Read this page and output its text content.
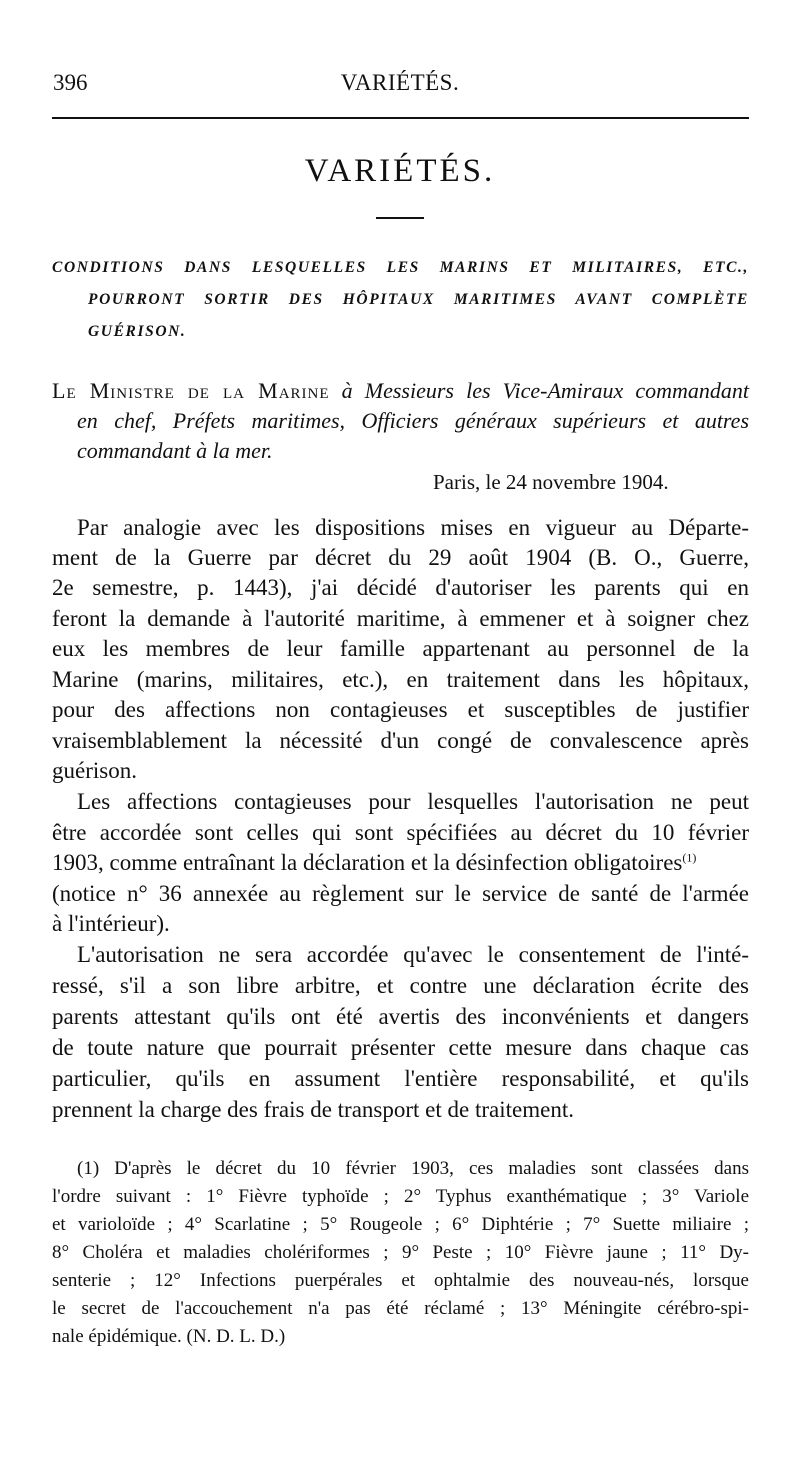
396	VARIÉTÉS.
VARIÉTÉS.
CONDITIONS DANS LESQUELLES LES MARINS ET MILITAIRES, ETC.,
POURRONT SORTIR DES HÔPITAUX MARITIMES AVANT COMPLÈTE
GUÉRISON.
Le Ministre de la Marine à Messieurs les Vice-Amiraux commandant
en chef, Préfets maritimes, Officiers généraux supérieurs et autres
commandant à la mer.
Paris, le 24 novembre 1904.
Par analogie avec les dispositions mises en vigueur au Départe-
ment de la Guerre par décret du 29 août 1904 (B. O., Guerre,
2e semestre, p. 1443), j'ai décidé d'autoriser les parents qui en
feront la demande à l'autorité maritime, à emmener et à soigner chez
eux les membres de leur famille appartenant au personnel de la
Marine (marins, militaires, etc.), en traitement dans les hôpitaux,
pour des affections non contagieuses et susceptibles de justifier
vraisemblablement la nécessité d'un congé de convalescence après
guérison.
Les affections contagieuses pour lesquelles l'autorisation ne peut
être accordée sont celles qui sont spécifiées au décret du 10 février
1903, comme entraînant la déclaration et la désinfection obligatoires$^{(1)}$
(notice n° 36 annexée au règlement sur le service de santé de l'armée
à l'intérieur).
L'autorisation ne sera accordée qu'avec le consentement de l'inté-
ressé, s'il a son libre arbitre, et contre une déclaration écrite des
parents attestant qu'ils ont été avertis des inconvénients et dangers
de toute nature que pourrait présenter cette mesure dans chaque cas
particulier, qu'ils en assument l'entière responsabilité, et qu'ils
prennent la charge des frais de transport et de traitement.
(1) D'après le décret du 10 février 1903, ces maladies sont classées dans
l'ordre suivant : 1° Fièvre typhoïde ; 2° Typhus exanthématique ; 3° Variole
et varioloïde ; 4° Scarlatine ; 5° Rougeole ; 6° Diphtérie ; 7° Suette miliaire ;
8° Choléra et maladies cholériformes ; 9° Peste ; 10° Fièvre jaune ; 11° Dy-
senterie ; 12° Infections puerpérales et ophtalmie des nouveau-nés, lorsque
le secret de l'accouchement n'a pas été réclamé ; 13° Méningite cérébro-spi-
nale épidémique. (N. D. L. D.)
